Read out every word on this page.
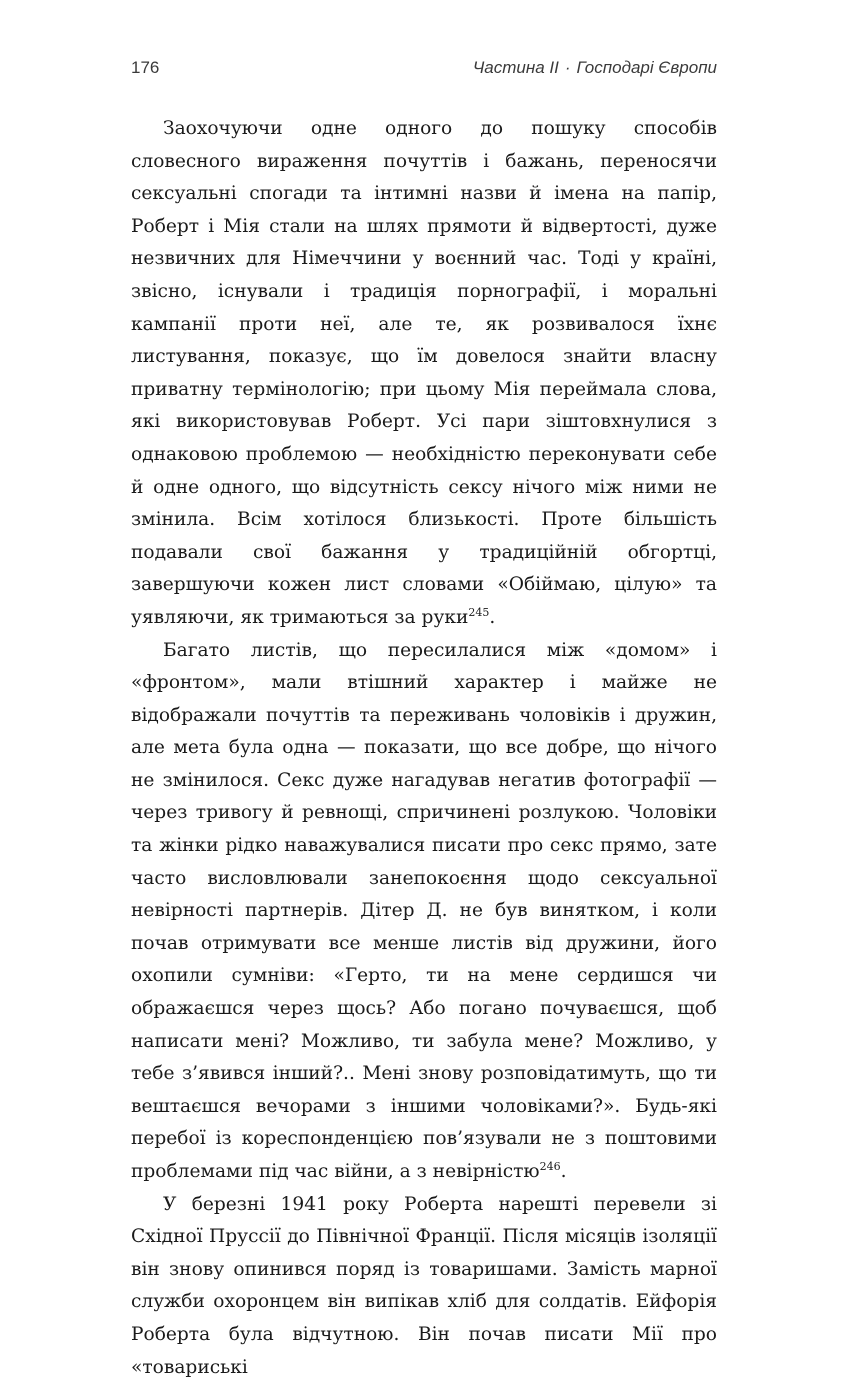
176	Частина II · Господарі Європи

Заохочуючи одне одного до пошуку способів словесного вираження почуттів і бажань, переносячи сексуальні спогади та інтимні назви й імена на папір, Роберт і Мія стали на шлях прямоти й відвертості, дуже незвичних для Німеччини у воєнний час. Тоді у країні, звісно, існували і традиція порнографії, і моральні кампанії проти неї, але те, як розвивалося їхнє листування, показує, що їм довелося знайти власну приватну термінологію; при цьому Мія переймала слова, які використовував Роберт. Усі пари зіштовхнулися з однаковою проблемою — необхідністю переконувати себе й одне одного, що відсутність сексу нічого між ними не змінила. Всім хотілося близькості. Проте більшість подавали свої бажання у традиційній обгортці, завершуючи кожен лист словами «Обіймаю, цілую» та уявляючи, як тримаються за руки$^{245}$.

Багато листів, що пересилалися між «домом» і «фронтом», мали втішний характер і майже не відображали почуттів та переживань чоловіків і дружин, але мета була одна — показати, що все добре, що нічого не змінилося. Секс дуже нагадував негатив фотографії — через тривогу й ревнощі, спричинені розлукою. Чоловіки та жінки рідко наважувалися писати про секс прямо, зате часто висловлювали занепокоєння щодо сексуальної невірності партнерів. Дітер Д. не був винятком, і коли почав отримувати все менше листів від дружини, його охопили сумніви: «Герто, ти на мене сердишся чи ображаєшся через щось? Або погано почуваєшся, щоб написати мені? Можливо, ти забула мене? Можливо, у тебе з’явився інший?.. Мені знову розповідатимуть, що ти вештаєшся вечорами з іншими чоловіками?». Будь-які перебої із кореспонденцією пов’язували не з поштовими проблемами під час війни, а з невірністю$^{246}$.

У березні 1941 року Роберта нарешті перевели зі Східної Пруссії до Північної Франції. Після місяців ізоляції він знову опинився поряд із товаришами. Замість марної служби охоронцем він випікав хліб для солдатів. Ейфорія Роберта була відчутною. Він почав писати Мії про «товариські
